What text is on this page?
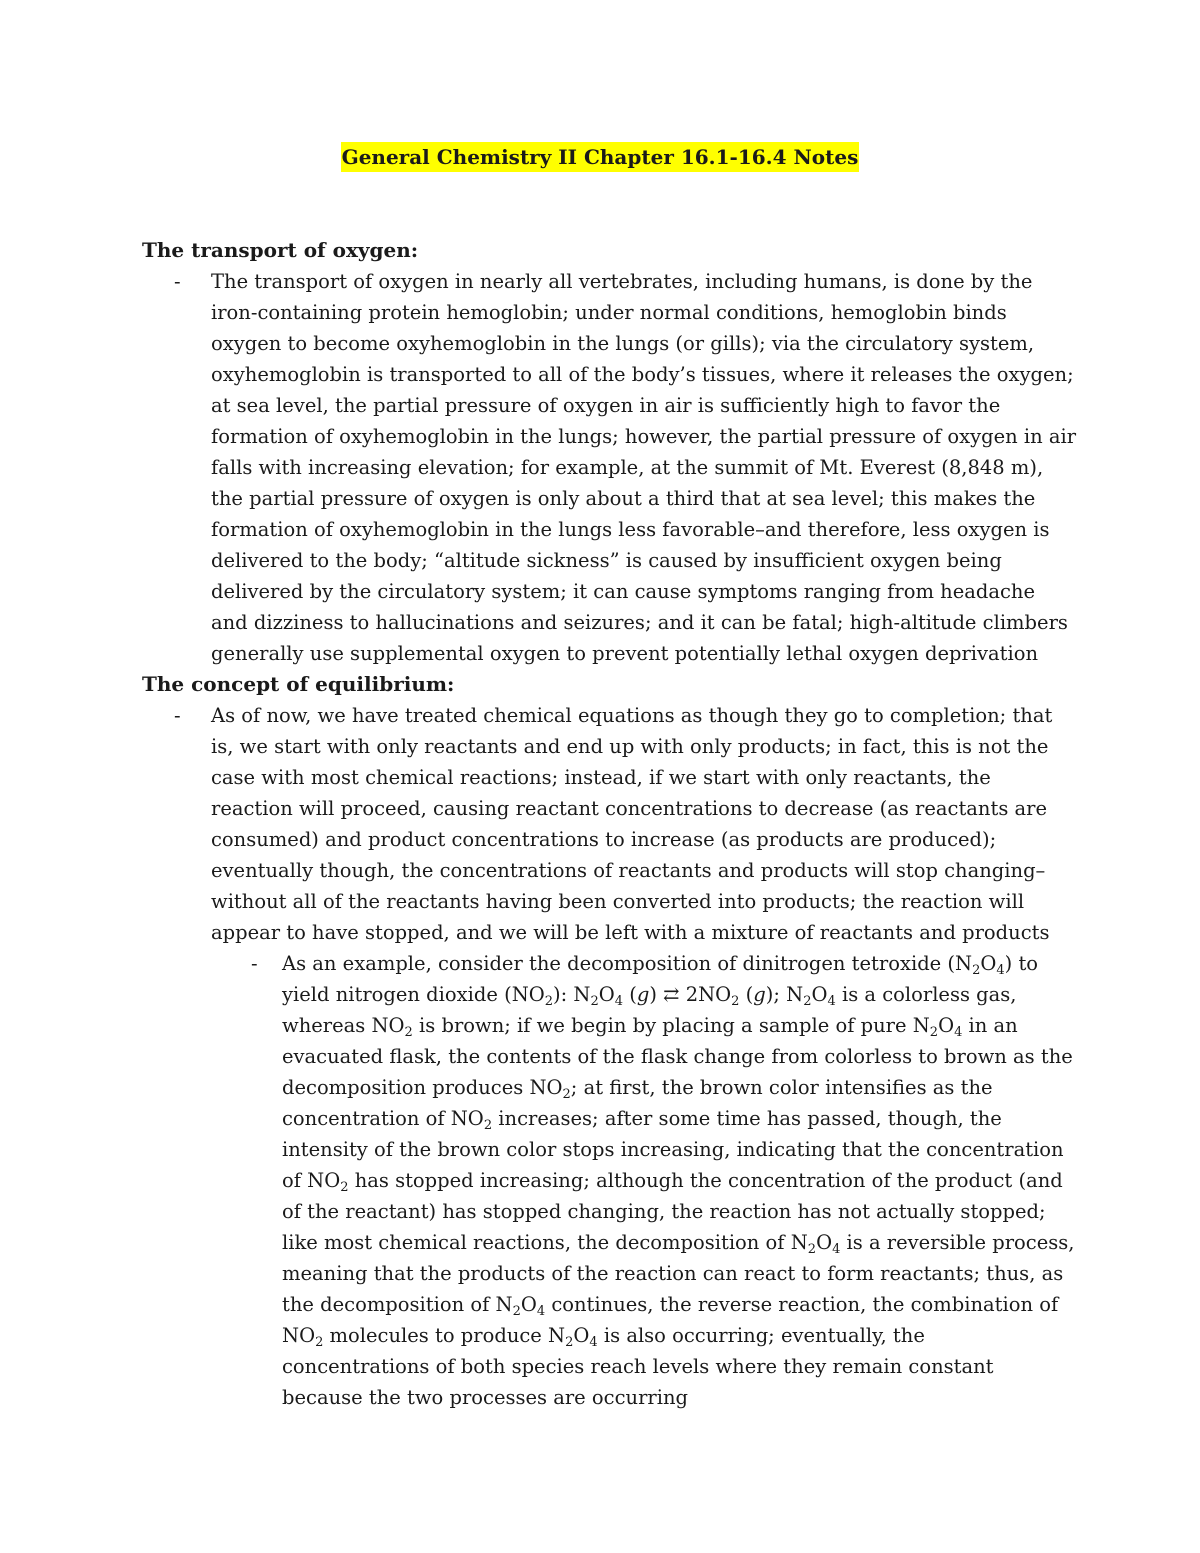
General Chemistry II Chapter 16.1-16.4 Notes

The transport of oxygen:

- The transport of oxygen in nearly all vertebrates, including humans, is done by the iron-containing protein hemoglobin; under normal conditions, hemoglobin binds oxygen to become oxyhemoglobin in the lungs (or gills); via the circulatory system, oxyhemoglobin is transported to all of the body’s tissues, where it releases the oxygen; at sea level, the partial pressure of oxygen in air is sufficiently high to favor the formation of oxyhemoglobin in the lungs; however, the partial pressure of oxygen in air falls with increasing elevation; for example, at the summit of Mt. Everest (8,848 m), the partial pressure of oxygen is only about a third that at sea level; this makes the formation of oxyhemoglobin in the lungs less favorable–and therefore, less oxygen is delivered to the body; “altitude sickness” is caused by insufficient oxygen being delivered by the circulatory system; it can cause symptoms ranging from headache and dizziness to hallucinations and seizures; and it can be fatal; high-altitude climbers generally use supplemental oxygen to prevent potentially lethal oxygen deprivation

The concept of equilibrium:

- As of now, we have treated chemical equations as though they go to completion; that is, we start with only reactants and end up with only products; in fact, this is not the case with most chemical reactions; instead, if we start with only reactants, the reaction will proceed, causing reactant concentrations to decrease (as reactants are consumed) and product concentrations to increase (as products are produced); eventually though, the concentrations of reactants and products will stop changing–without all of the reactants having been converted into products; the reaction will appear to have stopped, and we will be left with a mixture of reactants and products

- As an example, consider the decomposition of dinitrogen tetroxide $(N_2O_4)$ to yield nitrogen dioxide $(NO_2)$: $N_2O_4$ (g) ⇄ $2NO_2$ (g); $N_2O_4$ is a colorless gas, whereas $NO_2$ is brown; if we begin by placing a sample of pure $N_2O_4$ in an evacuated flask, the contents of the flask change from colorless to brown as the decomposition produces $NO_2$; at first, the brown color intensifies as the concentration of $NO_2$ increases; after some time has passed, though, the intensity of the brown color stops increasing, indicating that the concentration of $NO_2$ has stopped increasing; although the concentration of the product (and of the reactant) has stopped changing, the reaction has not actually stopped; like most chemical reactions, the decomposition of $N_2O_4$ is a reversible process, meaning that the products of the reaction can react to form reactants; thus, as the decomposition of $N_2O_4$ continues, the reverse reaction, the combination of $NO_2$ molecules to produce $N_2O_4$ is also occurring; eventually, the concentrations of both species reach levels where they remain constant because the two processes are occurring
